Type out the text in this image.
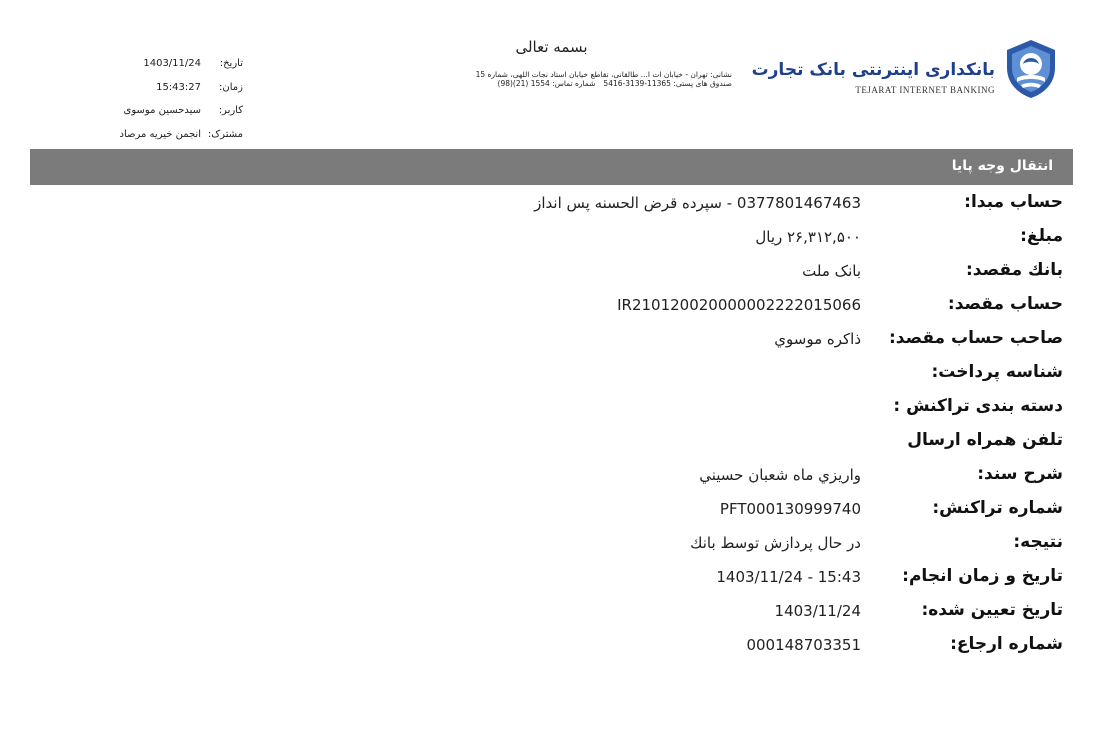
بانکداری اینترنتی بانک تجارت
TEJARAT INTERNET BANKING
بسمه تعالی
نشانی: تهران - خیابان ات ا... طالقانی، تقاطع خیابان استاد نجات اللهی، شماره 15
صندوق های پستی: 11365-3139-5416
شماره تماس: 1554 (21)(98)
تاریخ:
1403/11/24
زمان:
15:43:27
کاربر:
سیدحسین موسوی
مشترک:
انجمن خیریه مرصاد
انتقال وجه پایا
حساب مبدا:
0377801467463 - سپرده قرض الحسنه پس انداز
مبلغ:
۲۶,۳۱۲,۵۰۰ ریال
بانك مقصد:
بانک ملت
حساب مقصد:
IR210120020000002222015066
صاحب حساب مقصد:
ذاكره موسوي
شناسه پرداخت:
دسته بندی تراکنش :
تلفن همراه ارسال
شرح سند:
واريزي ماه شعبان حسيني
شماره تراكنش:
PFT000130999740
نتیجه:
در حال پردازش توسط بانك
تاریخ و زمان انجام:
1403/11/24 - 15:43
تاریخ تعیین شده:
1403/11/24
شماره ارجاع:
000148703351
